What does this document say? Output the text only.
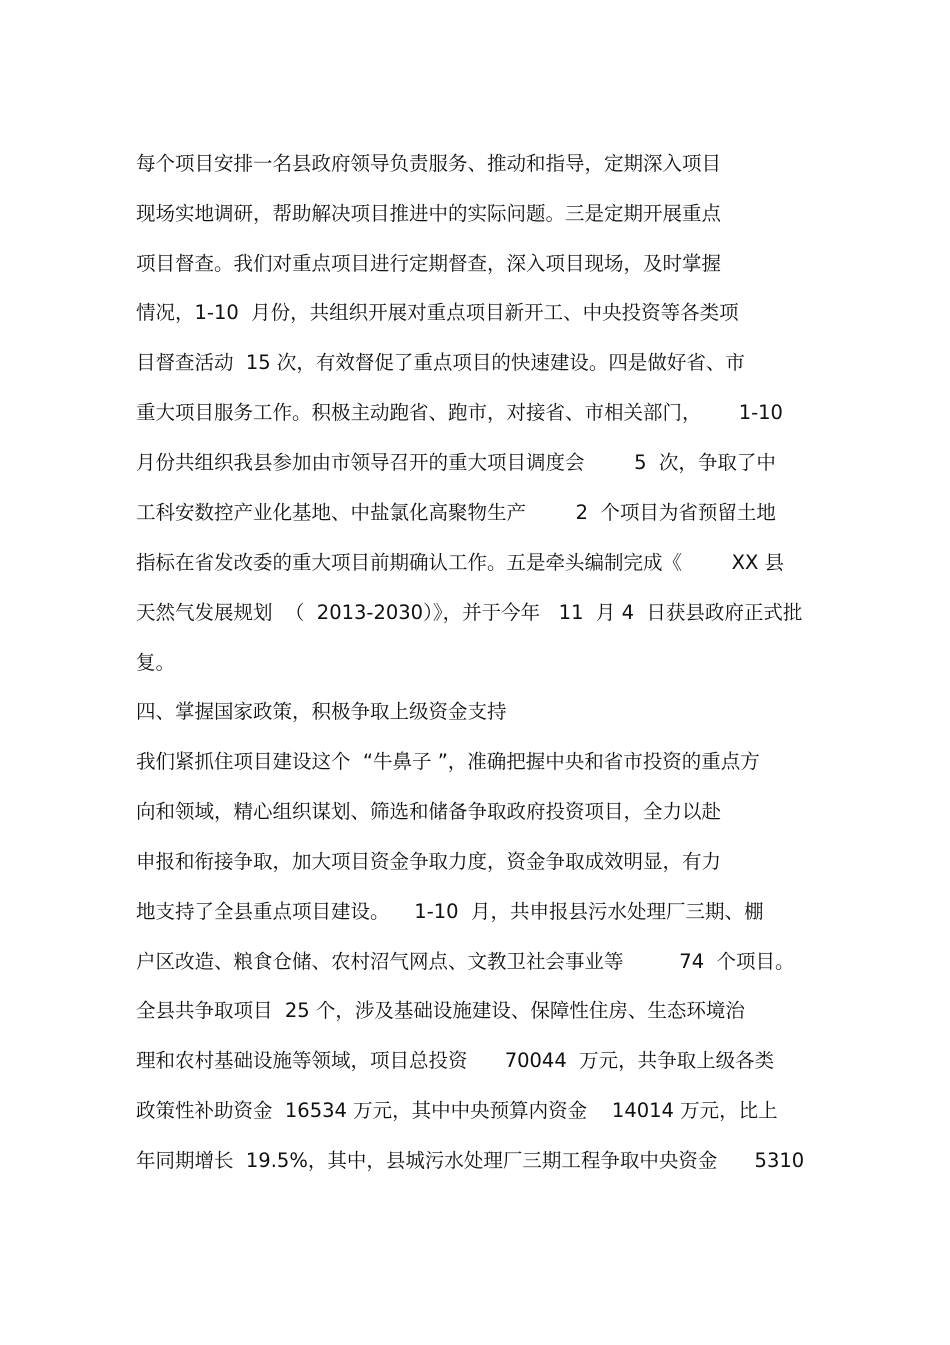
每个项目安排一名县政府领导负责服务、推动和指导，定期深入项目
现场实地调研，帮助解决项目推进中的实际问题。三是定期开展重点
项目督查。我们对重点项目进行定期督查，深入项目现场，及时掌握
情况，1-10  月份，共组织开展对重点项目新开工、中央投资等各类项
目督查活动  15 次，有效督促了重点项目的快速建设。四是做好省、市
重大项目服务工作。积极主动跑省、跑市，对接省、市相关部门，      1-10
月份共组织我县参加由市领导召开的重大项目调度会        5  次，争取了中
工科安数控产业化基地、中盐氯化高聚物生产        2  个项目为省预留土地
指标在省发改委的重大项目前期确认工作。五是牵头编制完成《        XX 县
天然气发展规划  （  2013-2030）》，并于今年   11  月 4  日获县政府正式批
复。
四、掌握国家政策，积极争取上级资金支持
我们紧抓住项目建设这个  “牛鼻子 ”，准确把握中央和省市投资的重点方
向和领域，精心组织谋划、筛选和储备争取政府投资项目，全力以赴
申报和衔接争取，加大项目资金争取力度，资金争取成效明显，有力
地支持了全县重点项目建设。    1-10  月，共申报县污水处理厂三期、棚
户区改造、粮食仓储、农村沼气网点、文教卫社会事业等         74  个项目。
全县共争取项目  25 个，涉及基础设施建设、保障性住房、生态环境治
理和农村基础设施等领域，项目总投资      70044  万元，共争取上级各类
政策性补助资金  16534 万元，其中中央预算内资金    14014 万元，比上
年同期增长  19.5%，其中，县城污水处理厂三期工程争取中央资金      5310
